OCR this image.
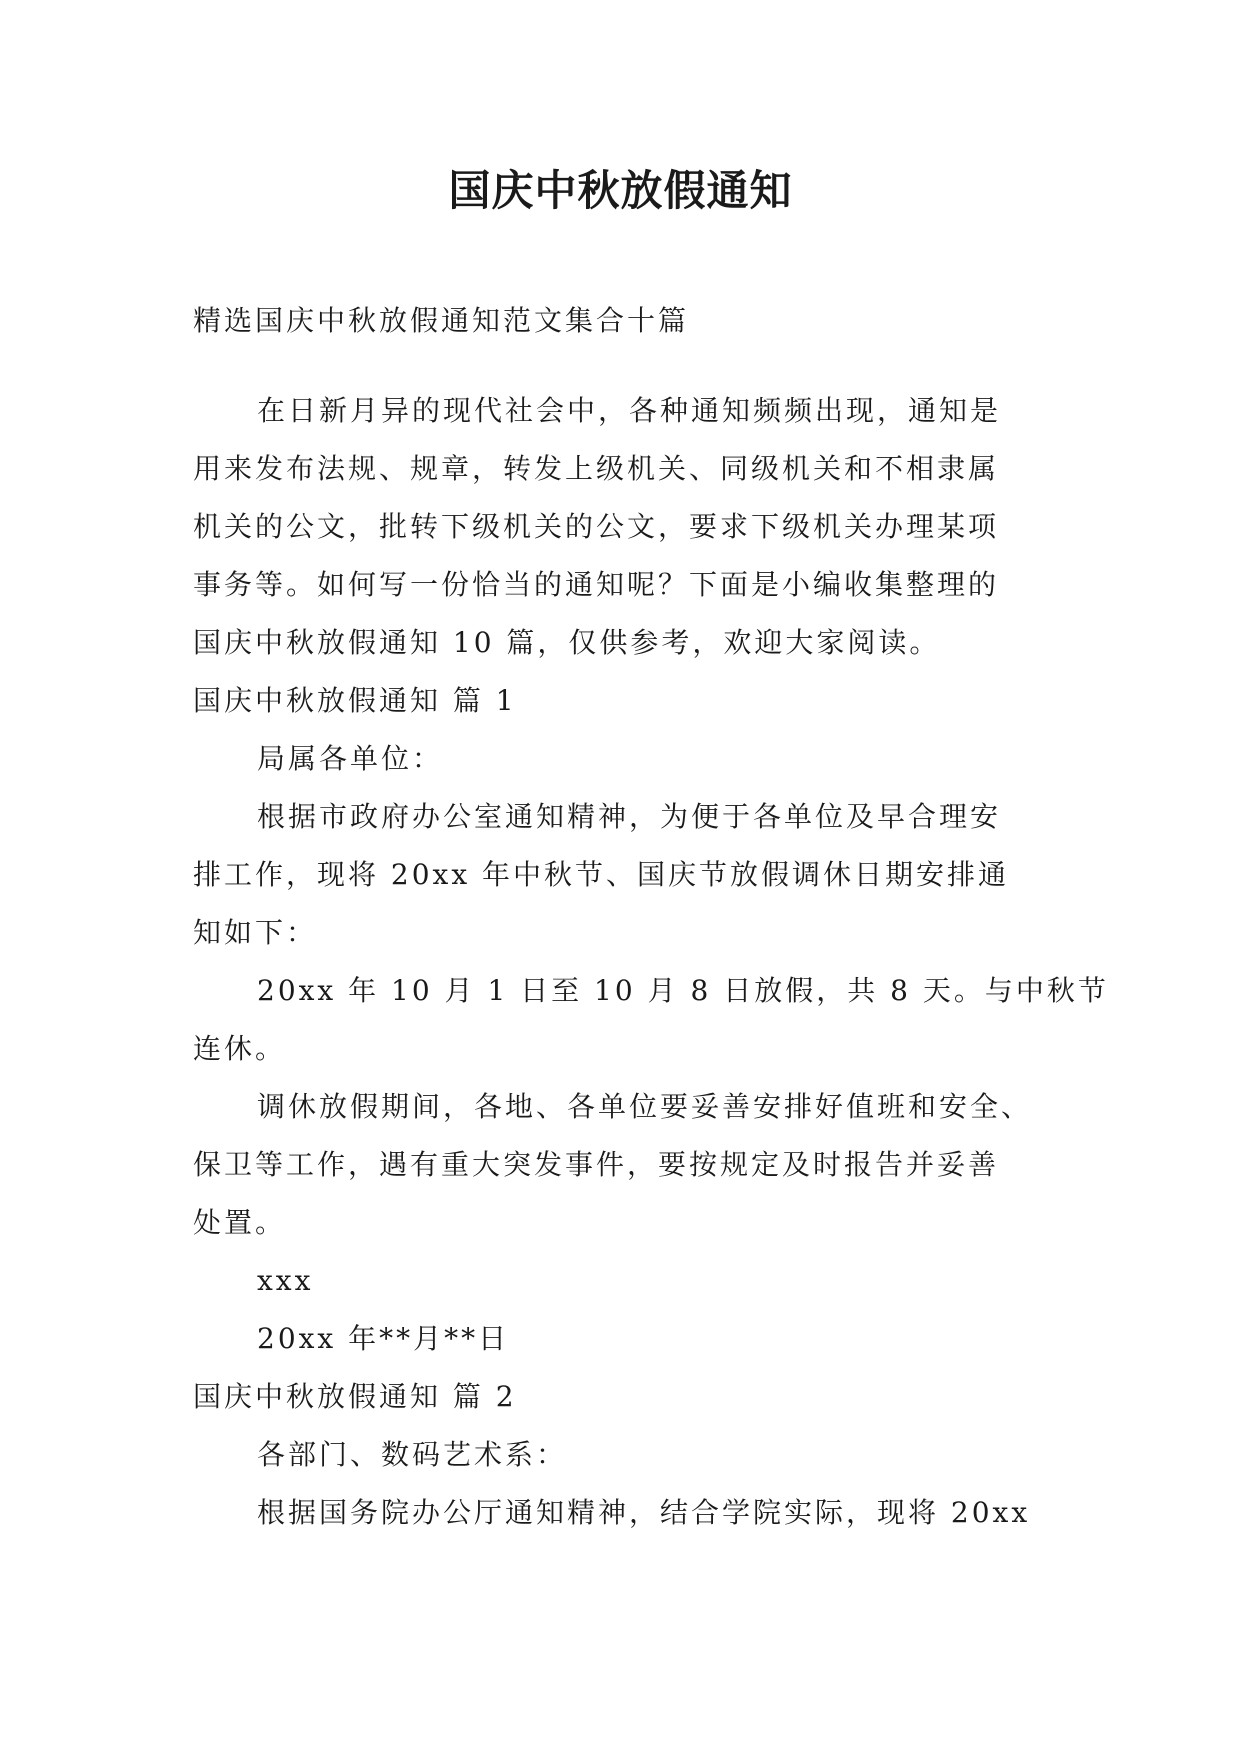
国庆中秋放假通知

精选国庆中秋放假通知范文集合十篇

在日新月异的现代社会中，各种通知频频出现，通知是

用来发布法规、规章，转发上级机关、同级机关和不相隶属

机关的公文，批转下级机关的公文，要求下级机关办理某项

事务等。如何写一份恰当的通知呢？下面是小编收集整理的

国庆中秋放假通知 10 篇，仅供参考，欢迎大家阅读。

国庆中秋放假通知 篇 1

局属各单位：

根据市政府办公室通知精神，为便于各单位及早合理安

排工作，现将 20xx 年中秋节、国庆节放假调休日期安排通

知如下：

20xx 年 10 月 1 日至 10 月 8 日放假，共 8 天。与中秋节

连休。

调休放假期间，各地、各单位要妥善安排好值班和安全、

保卫等工作，遇有重大突发事件，要按规定及时报告并妥善

处置。

xxx

20xx 年**月**日

国庆中秋放假通知 篇 2

各部门、数码艺术系：

根据国务院办公厅通知精神，结合学院实际，现将 20xx
